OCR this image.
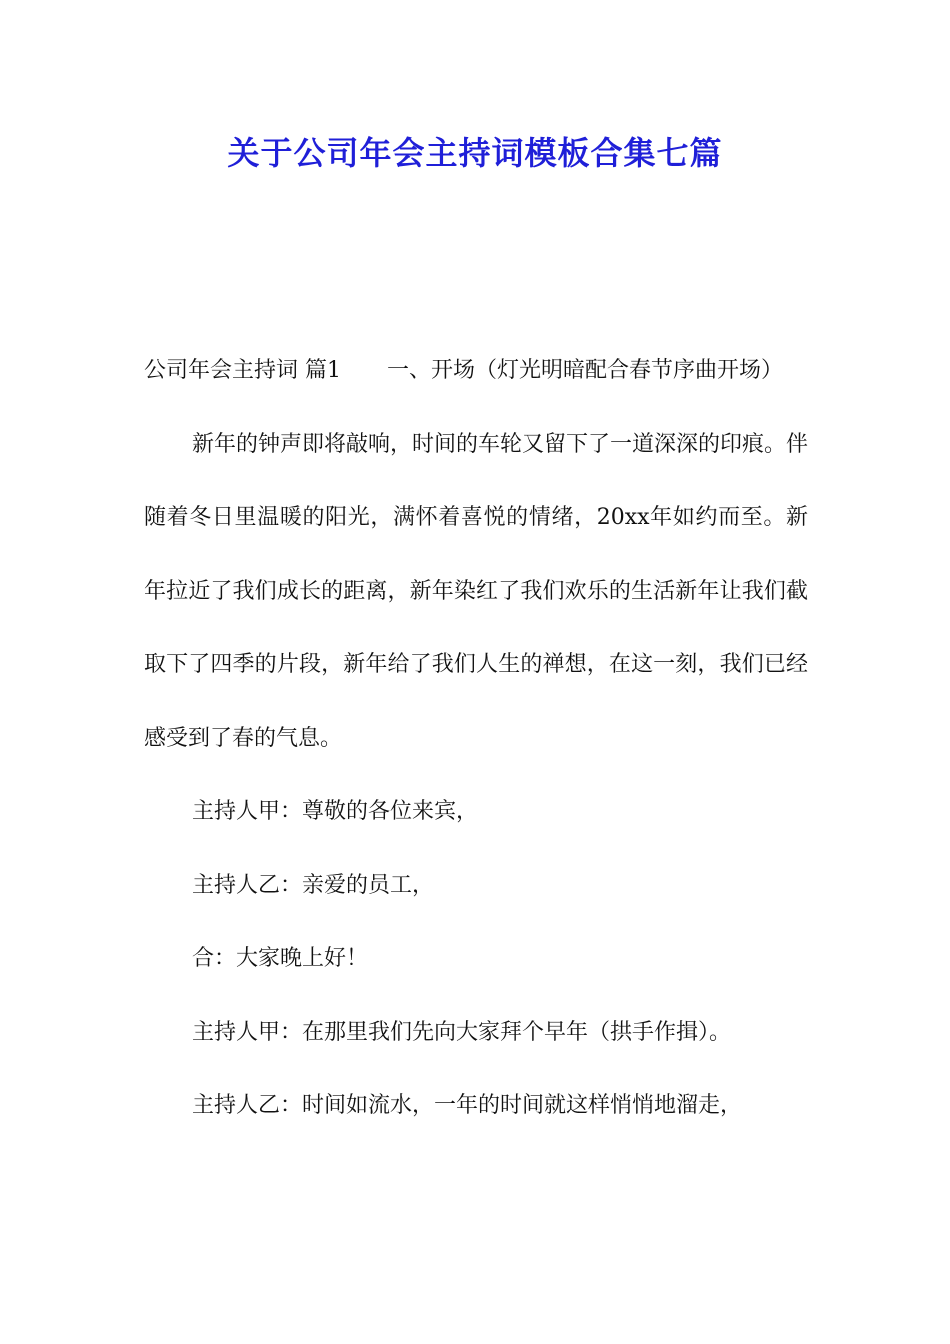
关于公司年会主持词模板合集七篇

公司年会主持词 篇1 一、开场（灯光明暗配合春节序曲开场）

新年的钟声即将敲响，时间的车轮又留下了一道深深的印痕。伴随着冬日里温暖的阳光，满怀着喜悦的情绪，20xx年如约而至。新年拉近了我们成长的距离，新年染红了我们欢乐的生活新年让我们截取下了四季的片段，新年给了我们人生的禅想，在这一刻，我们已经感受到了春的气息。

主持人甲：尊敬的各位来宾，

主持人乙：亲爱的员工，

合：大家晚上好！

主持人甲：在那里我们先向大家拜个早年（拱手作揖）。

主持人乙：时间如流水，一年的时间就这样悄悄地溜走，
